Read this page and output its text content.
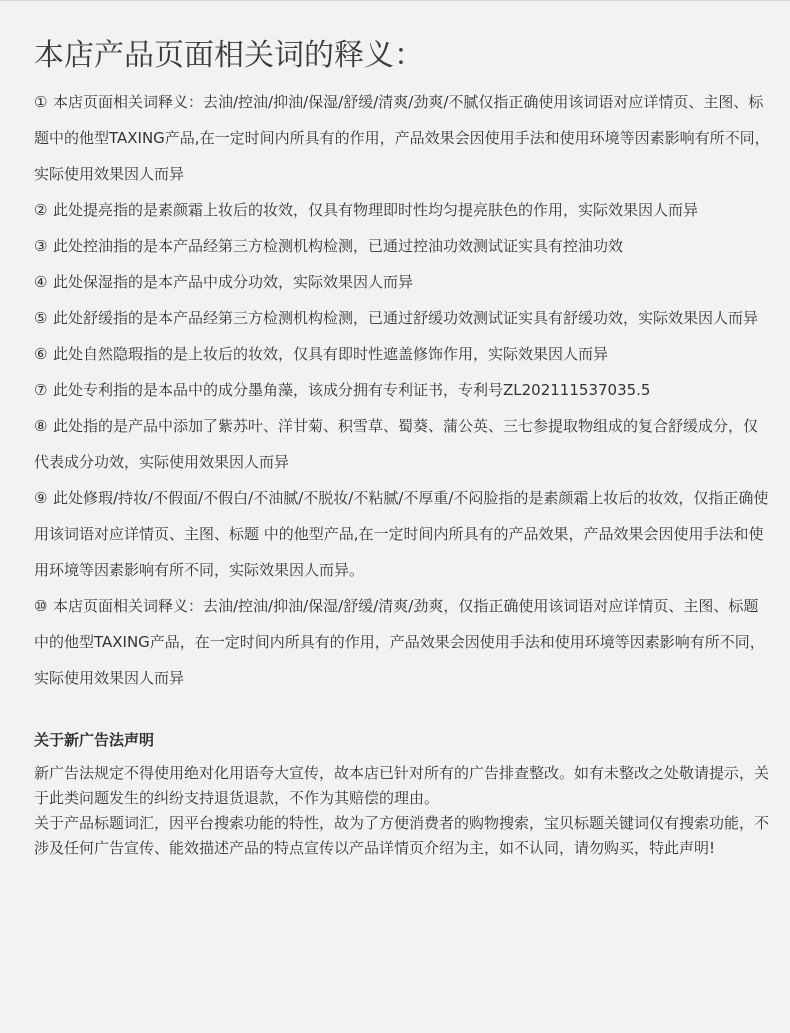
本店产品页面相关词的释义：

① 本店页面相关词释义：去油/控油/抑油/保湿/舒缓/清爽/劲爽/不腻仅指正确使用该词语对应详情页、主图、标题中的他型TAXING产品,在一定时间内所具有的作用，产品效果会因使用手法和使用环境等因素影响有所不同，实际使用效果因人而异

② 此处提亮指的是素颜霜上妆后的妆效，仅具有物理即时性均匀提亮肤色的作用，实际效果因人而异

③ 此处控油指的是本产品经第三方检测机构检测，已通过控油功效测试证实具有控油功效

④ 此处保湿指的是本产品中成分功效，实际效果因人而异

⑤ 此处舒缓指的是本产品经第三方检测机构检测，已通过舒缓功效测试证实具有舒缓功效，实际效果因人而异

⑥ 此处自然隐瑕指的是上妆后的妆效，仅具有即时性遮盖修饰作用，实际效果因人而异

⑦ 此处专利指的是本品中的成分墨角藻，该成分拥有专利证书，专利号ZL202111537035.5

⑧ 此处指的是产品中添加了紫苏叶、洋甘菊、积雪草、蜀葵、蒲公英、三七参提取物组成的复合舒缓成分，仅代表成分功效，实际使用效果因人而异

⑨ 此处修瑕/持妆/不假面/不假白/不油腻/不脱妆/不粘腻/不厚重/不闷脸指的是素颜霜上妆后的妆效，仅指正确使用该词语对应详情页、主图、标题 中的他型产品,在一定时间内所具有的产品效果，产品效果会因使用手法和使用环境等因素影响有所不同，实际效果因人而异。

⑩ 本店页面相关词释义：去油/控油/抑油/保湿/舒缓/清爽/劲爽，仅指正确使用该词语对应详情页、主图、标题中的他型TAXING产品，在一定时间内所具有的作用，产品效果会因使用手法和使用环境等因素影响有所不同，实际使用效果因人而异

关于新广告法声明

新广告法规定不得使用绝对化用语夸大宣传，故本店已针对所有的广告排查整改。如有未整改之处敬请提示，关于此类问题发生的纠纷支持退货退款，不作为其赔偿的理由。

关于产品标题词汇，因平台搜索功能的特性，故为了方便消费者的购物搜索，宝贝标题关键词仅有搜索功能，不涉及任何广告宣传、能效描述产品的特点宣传以产品详情页介绍为主，如不认同，请勿购买，特此声明!
